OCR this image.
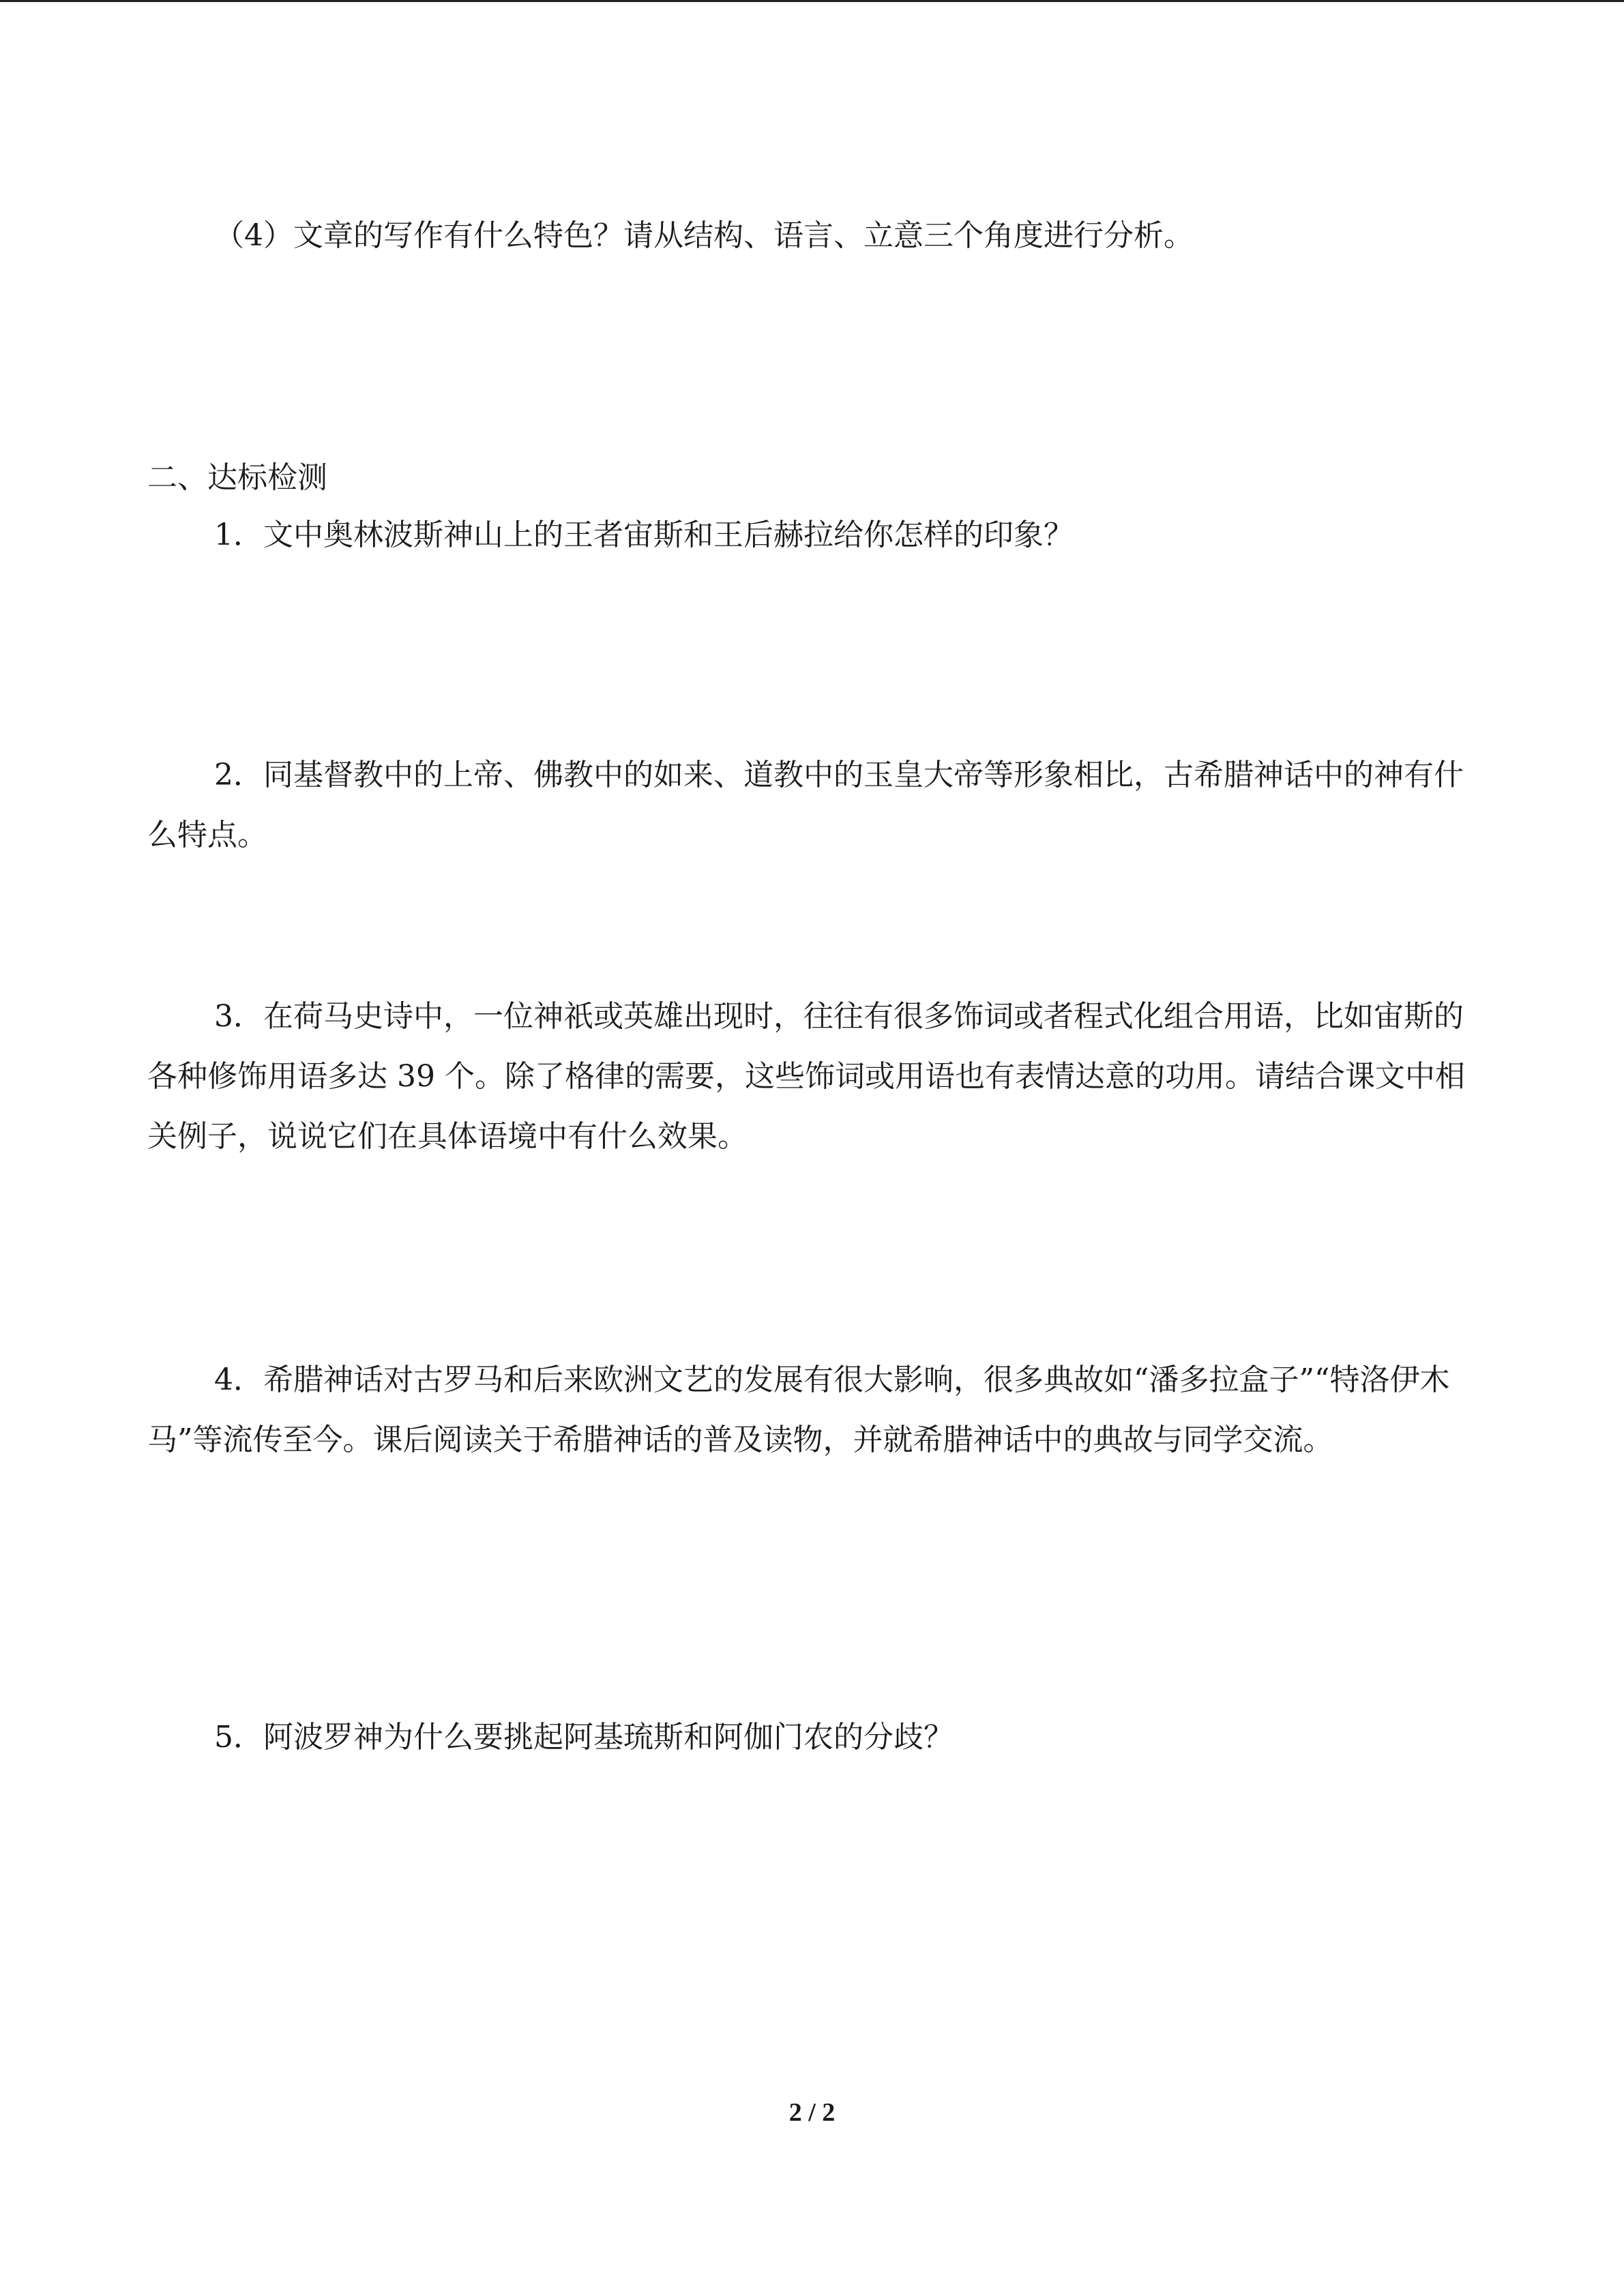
（4）文章的写作有什么特色？请从结构、语言、立意三个角度进行分析。

二、达标检测

1．文中奥林波斯神山上的王者宙斯和王后赫拉给你怎样的印象？

2．同基督教中的上帝、佛教中的如来、道教中的玉皇大帝等形象相比，古希腊神话中的神有什么特点。

3．在荷马史诗中，一位神祇或英雄出现时，往往有很多饰词或者程式化组合用语，比如宙斯的各种修饰用语多达 39 个。除了格律的需要，这些饰词或用语也有表情达意的功用。请结合课文中相关例子，说说它们在具体语境中有什么效果。

4．希腊神话对古罗马和后来欧洲文艺的发展有很大影响，很多典故如“潘多拉盒子”“特洛伊木马”等流传至今。课后阅读关于希腊神话的普及读物，并就希腊神话中的典故与同学交流。

5．阿波罗神为什么要挑起阿基琉斯和阿伽门农的分歧？

2 / 2
